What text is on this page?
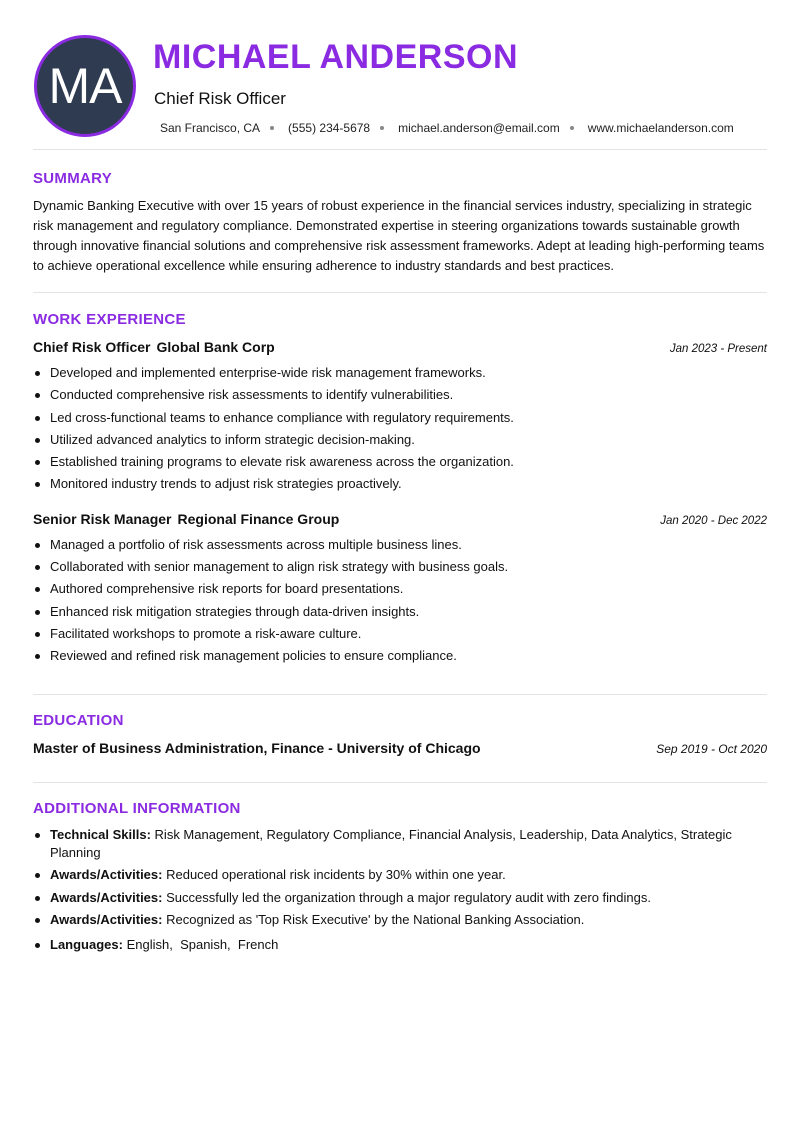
MA
MICHAEL ANDERSON
Chief Risk Officer
San Francisco, CA (555) 234-5678 michael.anderson@email.com www.michaelanderson.com
SUMMARY

Dynamic Banking Executive with over 15 years of robust experience in the financial services industry, specializing in strategic risk management and regulatory compliance. Demonstrated expertise in steering organizations towards sustainable growth through innovative financial solutions and comprehensive risk assessment frameworks. Adept at leading high-performing teams to achieve operational excellence while ensuring adherence to industry standards and best practices.

WORK EXPERIENCE
Chief Risk Officer Global Bank Corp	Jan 2023 - Present
Developed and implemented enterprise-wide risk management frameworks.
Conducted comprehensive risk assessments to identify vulnerabilities.
Led cross-functional teams to enhance compliance with regulatory requirements.
Utilized advanced analytics to inform strategic decision-making.
Established training programs to elevate risk awareness across the organization.
Monitored industry trends to adjust risk strategies proactively.
Senior Risk Manager Regional Finance Group	Jan 2020 - Dec 2022
Managed a portfolio of risk assessments across multiple business lines.
Collaborated with senior management to align risk strategy with business goals.
Authored comprehensive risk reports for board presentations.
Enhanced risk mitigation strategies through data-driven insights.
Facilitated workshops to promote a risk-aware culture.
Reviewed and refined risk management policies to ensure compliance.
EDUCATION
Master of Business Administration, Finance - University of Chicago	Sep 2019 - Oct 2020
ADDITIONAL INFORMATION
Technical Skills: Risk Management, Regulatory Compliance, Financial Analysis, Leadership, Data Analytics, Strategic Planning
Awards/Activities: Reduced operational risk incidents by 30% within one year.
Awards/Activities: Successfully led the organization through a major regulatory audit with zero findings.
Awards/Activities: Recognized as 'Top Risk Executive' by the National Banking Association.
Languages: English,  Spanish,  French
